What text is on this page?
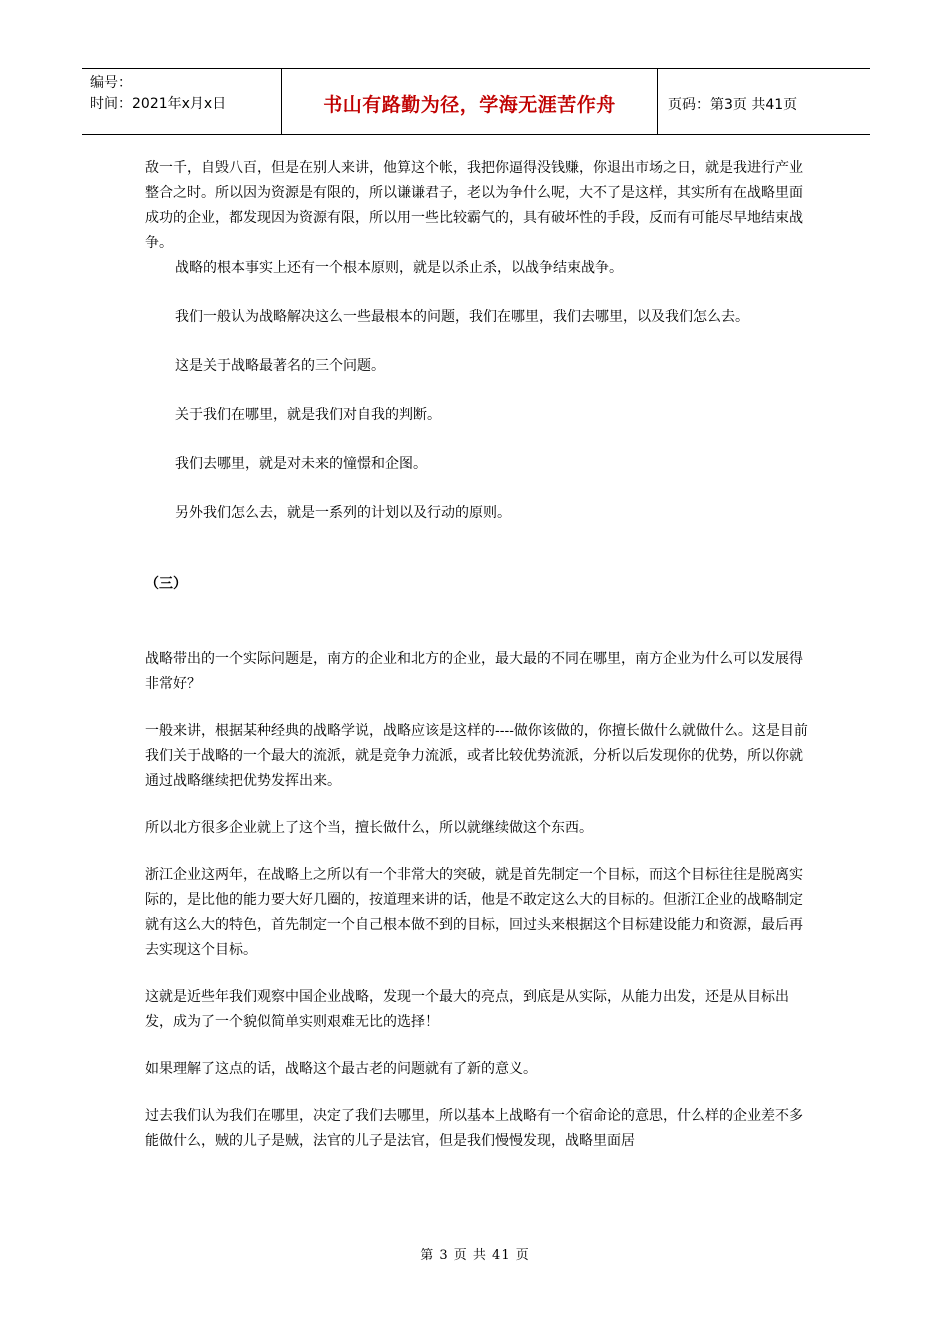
编号：
时间：2021年x月x日	书山有路勤为径，学海无涯苦作舟	页码：第3页 共41页

敌一千，自毁八百，但是在别人来讲，他算这个帐，我把你逼得没钱赚，你退出市场之日，就是我进行产业整合之时。所以因为资源是有限的，所以谦谦君子，老以为争什么呢，大不了是这样，其实所有在战略里面成功的企业，都发现因为资源有限，所以用一些比较霸气的，具有破坏性的手段，反而有可能尽早地结束战争。

战略的根本事实上还有一个根本原则，就是以杀止杀，以战争结束战争。

我们一般认为战略解决这么一些最根本的问题，我们在哪里，我们去哪里，以及我们怎么去。

这是关于战略最著名的三个问题。

关于我们在哪里，就是我们对自我的判断。

我们去哪里，就是对未来的憧憬和企图。

另外我们怎么去，就是一系列的计划以及行动的原则。

（三）

战略带出的一个实际问题是，南方的企业和北方的企业，最大最的不同在哪里，南方企业为什么可以发展得非常好？

一般来讲，根据某种经典的战略学说，战略应该是这样的----做你该做的，你擅长做什么就做什么。这是目前我们关于战略的一个最大的流派，就是竞争力流派，或者比较优势流派，分析以后发现你的优势，所以你就通过战略继续把优势发挥出来。

所以北方很多企业就上了这个当，擅长做什么，所以就继续做这个东西。

浙江企业这两年，在战略上之所以有一个非常大的突破，就是首先制定一个目标，而这个目标往往是脱离实际的，是比他的能力要大好几圈的，按道理来讲的话，他是不敢定这么大的目标的。但浙江企业的战略制定就有这么大的特色，首先制定一个自己根本做不到的目标，回过头来根据这个目标建设能力和资源，最后再去实现这个目标。

这就是近些年我们观察中国企业战略，发现一个最大的亮点，到底是从实际，从能力出发，还是从目标出发，成为了一个貌似简单实则艰难无比的选择！

如果理解了这点的话，战略这个最古老的问题就有了新的意义。

过去我们认为我们在哪里，决定了我们去哪里，所以基本上战略有一个宿命论的意思，什么样的企业差不多能做什么，贼的儿子是贼，法官的儿子是法官，但是我们慢慢发现，战略里面居

第 3 页 共 41 页
